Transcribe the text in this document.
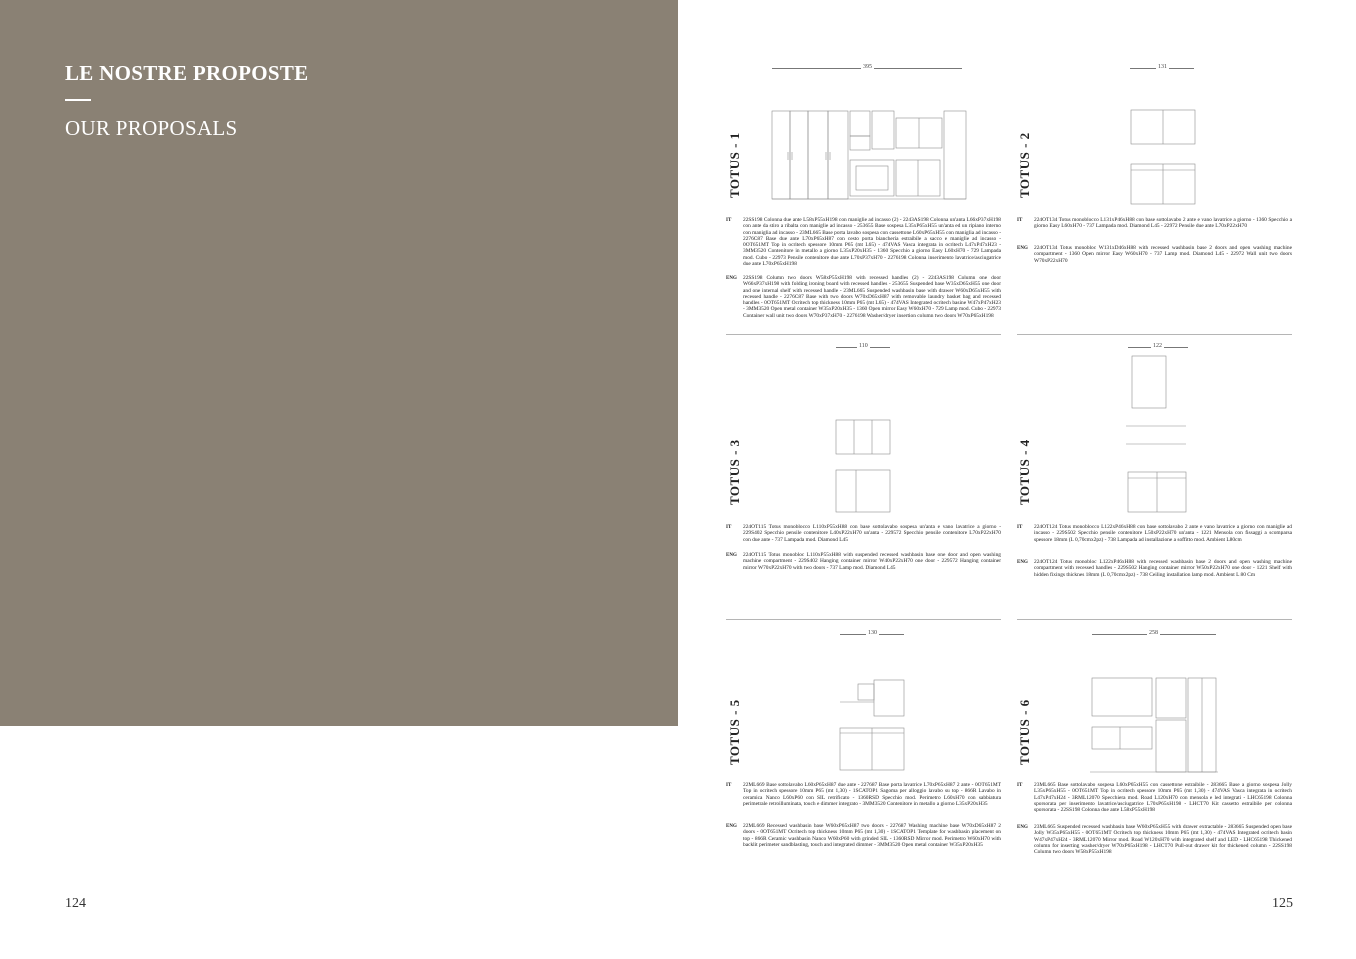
LE NOSTRE PROPOSTE
OUR PROPOSALS
124	125
395
TOTUS - 1
IT 22SS198 Colonna due ante L58xP55xH198 con maniglie ad incasso (2) - 2243AS198 Colonna un'anta L66xP37xH198 con ante da stiro a ribalta con maniglie ad incasso - 253655 Base sospesa L35xP65xH55 un'anta ed un ripiano interno con maniglia ad incasso - 23ML665 Base porta lavabo sospesa con cassettone L60xP65xH55 con maniglia ad incasso - 2276C87 Base due ante L70xP65xH87 con cesto porta biancheria estraibile a sacco e maniglie ad incasso - 0OT651MT Top in ocritech spessore 10mm P65 (mt L65) - 474VAS Vasca integrata in ocritech L47xP47xH23 - 3MM3520 Contenitore in metallo a giorno L35xP20xH35 - 1360 Specchio a giorno Easy L60xH70 - 729 Lampada mod. Cubo - 22973 Pensile contenitore due ante L70xP37xH70 - 2276198 Colonna inserimento lavatrice/asciugatrice due ante L70xP65xH198
ENG 22SS198 Column two doors W58xP55xH198 with recessed handles (2) - 2243AS198 Column one door W66xP37xH198 with folding ironing board with recessed handles - 253655 Suspended base W35xD65xH55 one door and one internal shelf with recessed handle - 23ML665 Suspended washbasin base with drawer W60xD65xH55 with recessed handle - 2276C87 Base with two doors W70xD65xH87 with removable laundry basket bag and recessed handles - 0OT651MT Ocritech top thickness 10mm P65 (mt L65) - 474VAS Integrated ocritech basine W47xP47xH23 - 3MM3520 Open metal container W35xP20xH35 - 1360 Open mirror Easy W60xH70 - 729 Lamp mod. Cubo - 22973 Container wall unit two doors W70xP37xH70 - 2276198 Washer/dryer insertion column two doors W70xP65xH198
131
TOTUS - 2
IT 224OT134 Totus monoblocco L131xP46xH88 con base sottolavabo 2 ante e vano lavatrice a giorno - 1360 Specchio a giorno Easy L60xH70 - 737 Lampada mod. Diamond L45 - 22972 Pensile due ante L70xP22xH70
ENG 224OT134 Totus monobloc W131xD46xH88 with recessed washbasin base 2 doors and open washing machine compartment - 1360 Open mirror Easy W60xH70 - 737 Lamp mod. Diamond L45 - 22972 Wall unit two doors W70xP22xH70
110
TOTUS - 3
IT 224OT115 Totus monoblocco L110xP55xH88 con base sottolavabo sospesa un'anta e vano lavatrice a giorno - 229S402 Specchio pensile contenitore L40xP22xH70 un'anta - 229572 Specchio pensile contenitore L70xP22xH70 con due ante - 737 Lampada mod. Diamond L45
ENG 224OT115 Totus monobloc L110xP55xH88 with suspended recessed washbasin base one door and open washing machine compartment - 229S402 Hanging container mirror W40xP22xH70 one door - 229572 Hanging container mirror W70xP22xH70 with two doors - 737 Lamp mod. Diamond L45
122
TOTUS - 4
IT 224OT124 Totus monoblocco L122xP46xH88 con base sottolavabo 2 ante e vano lavatrice a giorno con maniglie ad incasso - 229S502 Specchio pensile contenitore L50xP22xH70 un'anta - 1221 Mensola con fissaggi a scomparsa spessore 18mm (L 0,70cmx2pz) - 738 Lampada ad installazione a soffitto mod. Ambient L80cm
ENG 224OT124 Totus monobloc L122xP46xH88 with recessed washbasin base 2 doors and open washing machine compartment with recessed handles - 229S502 Hanging container mirror W50xP22xH70 one door - 1221 Shelf with hidden fixings thicknes 18mm (L 0,70cmx2pz) - 738 Ceiling installation lamp mod. Ambient L 80 Cm
130
TOTUS - 5
IT 22ML669 Base sottolavabo L60xP65xH87 due ante - 227687 Base porta lavatrice L70xP65xH87 2 ante - 0OT651MT Top in ocritech spessore 10mm P65 (mt 1,30) - 1SCATOP1 Sagoma per alloggio lavabo su top - 866R Lavabo in ceramica Nanco L60xP60 con SIL retrificato - 1360RSD Specchio mod. Perimetro L60xH70 con sabbiatura perimetrale retroilluminata, touch e dimmer integrato - 3MM3520 Contenitore in metallo a giorno L35xP20xH35
ENG 22ML669 Recessed washbasin base W60xP65xH87 two doors - 227687 Washing machine base W70xD65xH87 2 doors - 0OT651MT Ocritech top thickness 10mm P65 (mt 1,30) - 1SCATOP1 Template for washbasin placement on top - 866R Ceramic washbasin Nanco W60xP60 with grinded SIL - 1360RSD Mirror mod. Perimetro W60xH70 with backlit perimeter sandblasting, touch and integrated dimmer - 3MM3520 Open metal container W35xP20xH35
258
TOTUS - 6
IT 23ML665 Base sottolavabo sospesa L60xP65xH55 con cassettone estraibile - 283665 Base a giorno sospesa Jolly L35xP65xH55 - 0OT651MT Top in ocritech spessore 10mm P65 (mt 1,30) - 474VAS Vasca integrata in ocritech L47xP47xH24 - 3RML12070 Specchiera mod. Road L120xH70 con mensola e led integrati - LHC65198 Colonna sporsorata per inserimento lavatrice/asciugatrice L70xP65xH198 - LHCT70 Kit cassetto estraibile per colonna sporsorata - 22SS198 Colonna due ante L58xP55xH198
ENG 23ML665 Suspended recessed washbasin base W60xP65xH55 with drawer extractable - 283665 Suspended open base Jolly W35xP65xH55 - 0OT651MT Ocritech top thickness 10mm P65 (mt 1,30) - 474VAS Integrated ocritech basin W47xP47xH24 - 3RML12070 Mirror mod. Road W120xH70 with integrated shelf and LED - LHC65198 Thickened column for inserting washer/dryer W70xP65xH198 - LHCT70 Pull-out drawer kit for thickened column - 22SS198 Column two doors W58xP55xH198
